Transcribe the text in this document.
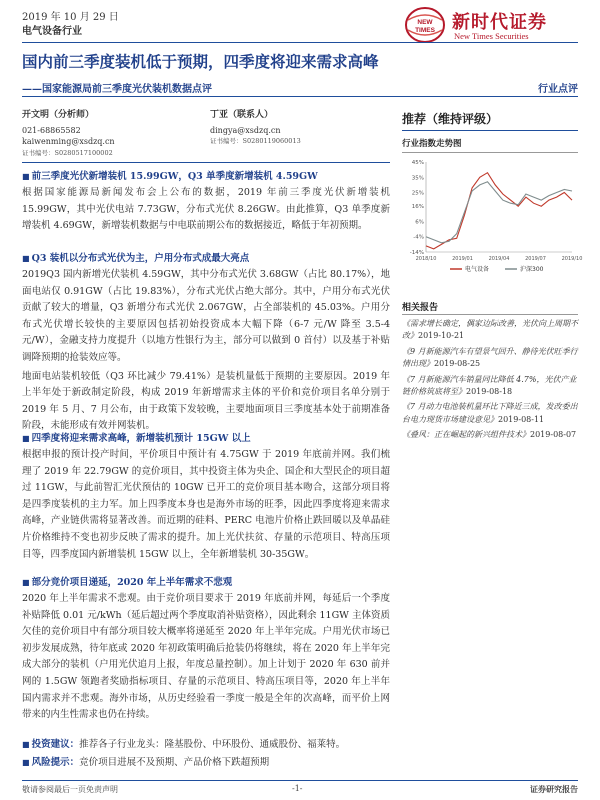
2019 年 10 月 29 日
电气设备行业
NEW
TIMES 新时代证券
New Times Securities
国内前三季度装机低于预期，四季度将迎来需求高峰
——国家能源局前三季度光伏装机数据点评	行业点评
开文明（分析师）
021-68865582
kaiwenming@xsdzq.cn
证书编号：S0280517100002
丁亚（联系人）
dingya@xsdzq.cn
证书编号：S0280119060013
■ 前三季度光伏新增装机 15.99GW，Q3 单季度新增装机 4.59GW
根据国家能源局新闻发布会上公布的数据，2019 年前三季度光伏新增装机 15.99GW，其中光伏电站 7.73GW，分布式光伏 8.26GW。由此推算，Q3 单季度新增装机 4.69GW，新增装机数据与中电联前期公布的数据接近，略低于年初预期。
■ Q3 装机以分布式光伏为主，户用分布式成最大亮点
2019Q3 国内新增光伏装机 4.59GW，其中分布式光伏 3.68GW（占比 80.17%），地面电站仅 0.91GW（占比 19.83%），分布式光伏占绝大部分。其中，户用分布式光伏贡献了较大的增量，Q3 新增分布式光伏 2.067GW，占全部装机的 45.03%。户用分布式光伏增长较快的主要原因包括初始投资成本大幅下降（6-7 元/W 降至 3.5-4 元/W），金融支持力度提升（以地方性银行为主，部分可以做到 0 首付）以及基于补贴调降预期的抢装效应等。
地面电站装机较低（Q3 环比减少 79.41%）是装机量低于预期的主要原因。2019 年上半年处于新政制定阶段，构成 2019 年新增需求主体的平价和竞价项目名单分别于 2019 年 5 月、7 月公布，由于政策下发较晚，主要地面项目三季度基本处于前期准备阶段，未能形成有效并网装机。
■ 四季度将迎来需求高峰，新增装机预计 15GW 以上
根据申报的预计投产时间，平价项目中预计有 4.75GW 于 2019 年底前并网。我们梳理了 2019 年 22.79GW 的竞价项目，其中投资主体为央企、国企和大型民企的项目超过 11GW，与此前智汇光伏预估的 10GW 已开工的竞价项目基本吻合，这部分项目将是四季度装机的主力军。加上四季度本身也是海外市场的旺季，因此四季度将迎来需求高峰，产业链供需将显著改善。而近期的硅料、PERC 电池片价格止跌回暖以及单晶硅片价格维持不变也初步反映了需求的提升。加上光伏扶贫、存量的示范项目、特高压项目等，四季度国内新增装机 15GW 以上，全年新增装机 30-35GW。
■ 部分竞价项目递延，2020 年上半年需求不悲观
2020 年上半年需求不悲观。由于竞价项目要求于 2019 年底前并网，每延后一个季度补贴降低 0.01 元/kWh（延后超过两个季度取消补贴资格），因此剩余 11GW 主体资质欠佳的竞价项目中有部分项目较大概率将递延至 2020 年上半年完成。户用光伏市场已初步发展成熟，待年底或 2020 年初政策明确后抢装仍将继续，将在 2020 年上半年完成大部分的装机（户用光伏追月上报，年度总量控制）。加上计划于 2020 年 630 前并网的 1.5GW 领跑者奖励指标项目、存量的示范项目、特高压项目等，2020 年上半年国内需求并不悲观。海外市场，从历史经验看一季度一般是全年的次高峰，而平价上网带来的内生性需求也仍在持续。
■ 投资建议：推荐各子行业龙头：隆基股份、中环股份、通威股份、福莱特。
■ 风险提示：竞价项目进展不及预期、产品价格下跌超预期
推荐（维持评级）
行业指数走势图
45%
35%
25%
16%
6%
-4%
-14%
2018/10	2019/01	2019/04	2019/07	2019/10
电气设备	沪深300
相关报告
《需求增长确定，偶家边际改善，光伏向上周期不改》2019-10-21
《9 月新能源汽车有望景气回升、静待光伏旺季行情出现》2019-08-25
《7 月新能源汽车销量同比降低 4.7%，光伏产业链价格筑底将至》2019-08-18
《7 月动力电池装机量环比下降近三成，发改委出台电力现货市场建设意见》2019-08-11
《叠风：正在崛起的新兴组件技术》2019-08-07
敬请参阅最后一页免责声明	-1-	证券研究报告
